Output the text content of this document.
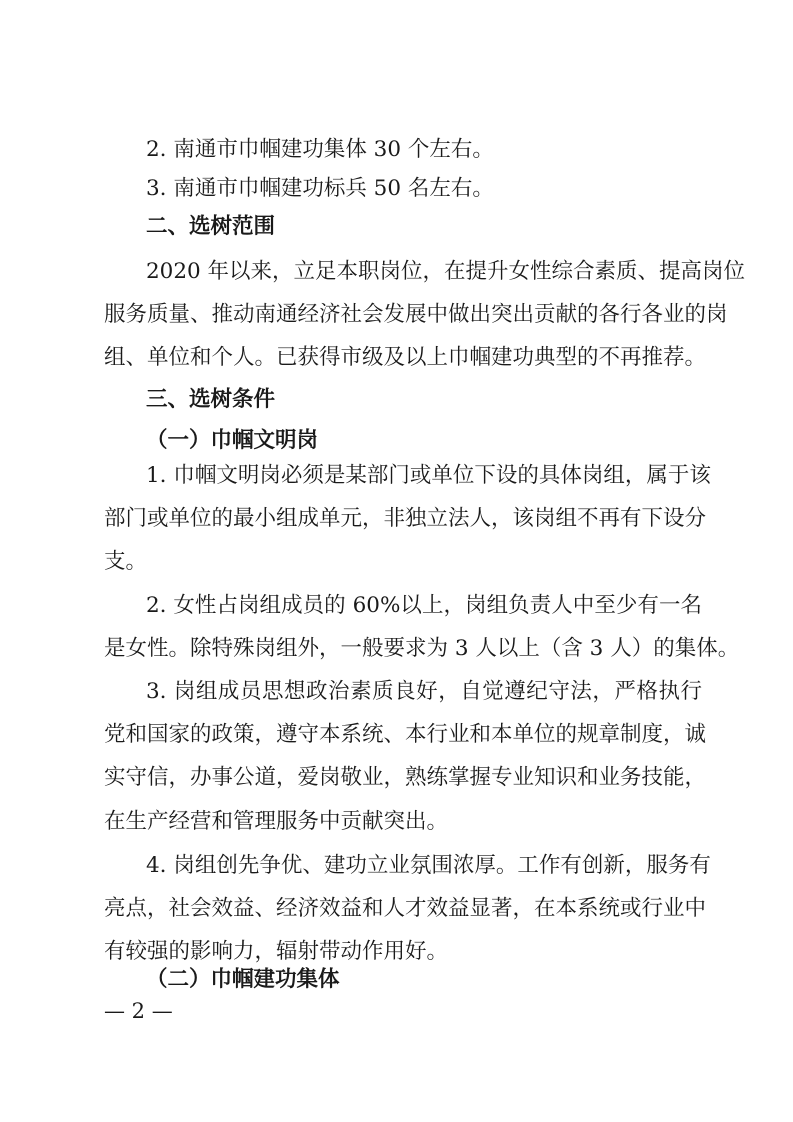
2. 南通市巾帼建功集体 30 个左右。
3. 南通市巾帼建功标兵 50 名左右。
二、选树范围
2020 年以来，立足本职岗位，在提升女性综合素质、提高岗位
服务质量、推动南通经济社会发展中做出突出贡献的各行各业的岗
组、单位和个人。已获得市级及以上巾帼建功典型的不再推荐。
三、选树条件
（一）巾帼文明岗
1. 巾帼文明岗必须是某部门或单位下设的具体岗组，属于该
部门或单位的最小组成单元，非独立法人，该岗组不再有下设分
支。
2. 女性占岗组成员的 60%以上，岗组负责人中至少有一名
是女性。除特殊岗组外，一般要求为 3 人以上（含 3 人）的集体。
3. 岗组成员思想政治素质良好，自觉遵纪守法，严格执行
党和国家的政策，遵守本系统、本行业和本单位的规章制度，诚
实守信，办事公道，爱岗敬业，熟练掌握专业知识和业务技能，
在生产经营和管理服务中贡献突出。
4. 岗组创先争优、建功立业氛围浓厚。工作有创新，服务有
亮点，社会效益、经济效益和人才效益显著，在本系统或行业中
有较强的影响力，辐射带动作用好。
（二）巾帼建功集体
— 2 —
